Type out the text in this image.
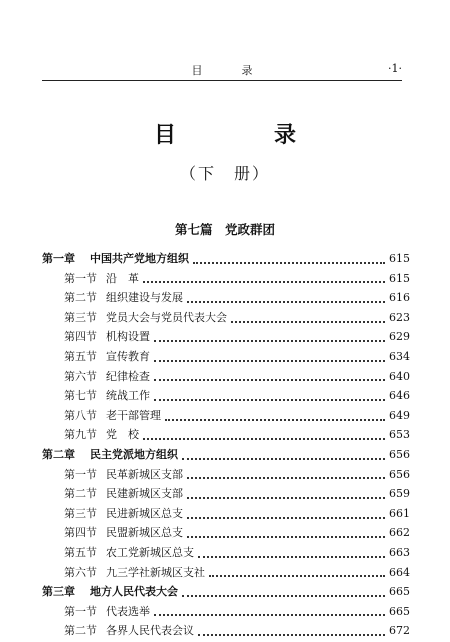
目　录	·1·
目　录
（下　册）
第七篇　党政群团
第一章	中国共产党地方组织	615
第一节 沿　革	615
第二节 组织建设与发展	616
第三节 党员大会与党员代表大会	623
第四节 机构设置	629
第五节 宣传教育	634
第六节 纪律检查	640
第七节 统战工作	646
第八节 老干部管理	649
第九节 党　校	653
第二章	民主党派地方组织	656
第一节 民革新城区支部	656
第二节 民建新城区支部	659
第三节 民进新城区总支	661
第四节 民盟新城区总支	662
第五节 农工党新城区总支	663
第六节 九三学社新城区支社	664
第三章	地方人民代表大会	665
第一节 代表选举	665
第二节 各界人民代表会议	672
